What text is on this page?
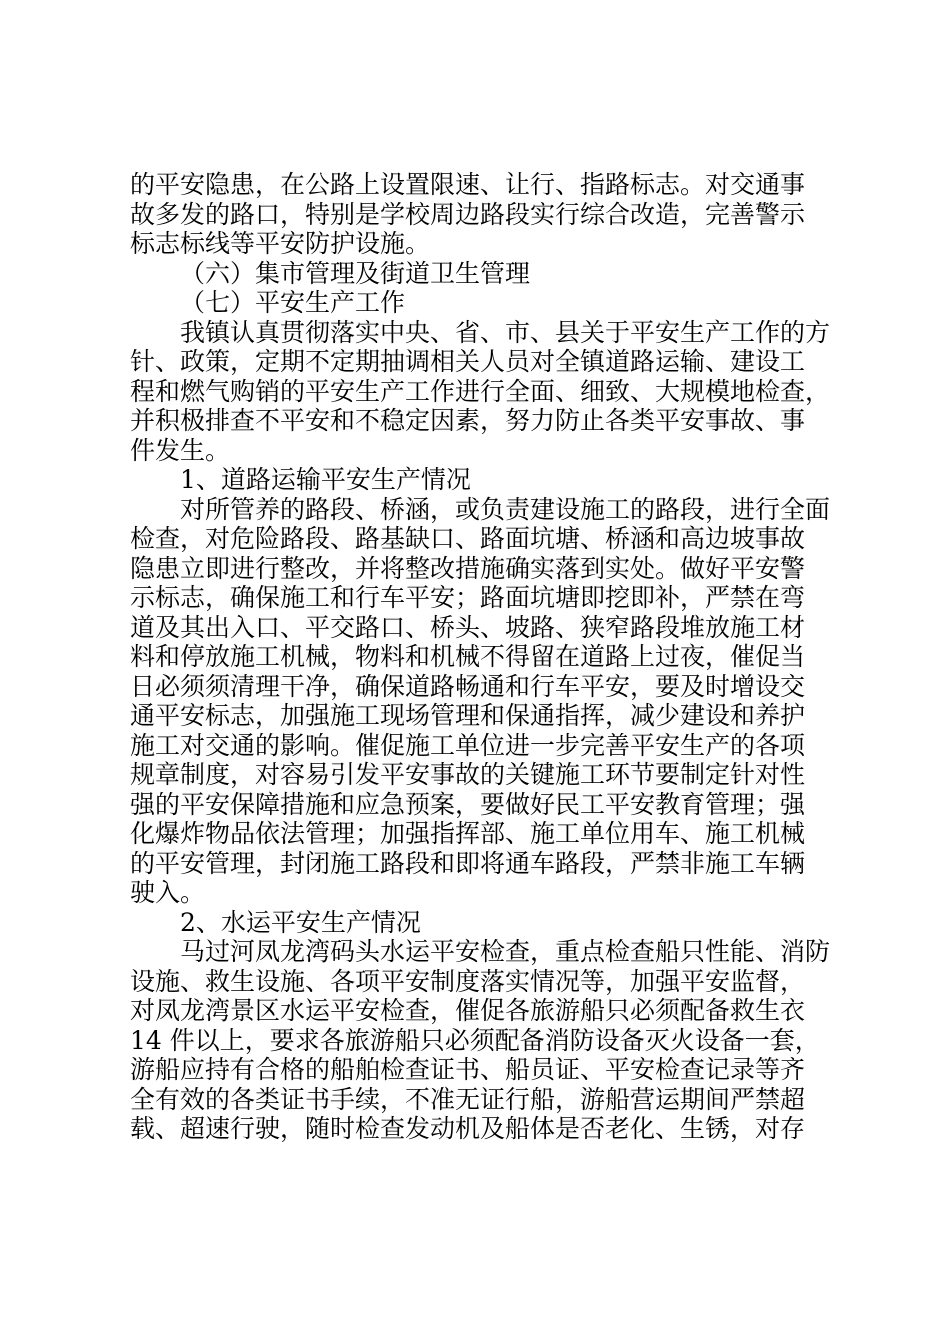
的平安隐患，在公路上设置限速、让行、指路标志。对交通事

故多发的路口，特别是学校周边路段实行综合改造，完善警示

标志标线等平安防护设施。

（六）集市管理及街道卫生管理

（七）平安生产工作

我镇认真贯彻落实中央、省、市、县关于平安生产工作的方

针、政策，定期不定期抽调相关人员对全镇道路运输、建设工

程和燃气购销的平安生产工作进行全面、细致、大规模地检查，

并积极排查不平安和不稳定因素，努力防止各类平安事故、事

件发生。

1、道路运输平安生产情况

对所管养的路段、桥涵，或负责建设施工的路段，进行全面

检查，对危险路段、路基缺口、路面坑塘、桥涵和高边坡事故

隐患立即进行整改，并将整改措施确实落到实处。做好平安警

示标志，确保施工和行车平安；路面坑塘即挖即补，严禁在弯

道及其出入口、平交路口、桥头、坡路、狭窄路段堆放施工材

料和停放施工机械，物料和机械不得留在道路上过夜，催促当

日必须须清理干净，确保道路畅通和行车平安，要及时增设交

通平安标志，加强施工现场管理和保通指挥，减少建设和养护

施工对交通的影响。催促施工单位进一步完善平安生产的各项

规章制度，对容易引发平安事故的关键施工环节要制定针对性

强的平安保障措施和应急预案，要做好民工平安教育管理；强

化爆炸物品依法管理；加强指挥部、施工单位用车、施工机械

的平安管理，封闭施工路段和即将通车路段，严禁非施工车辆

驶入。

2、水运平安生产情况

马过河凤龙湾码头水运平安检查，重点检查船只性能、消防

设施、救生设施、各项平安制度落实情况等，加强平安监督，

对凤龙湾景区水运平安检查，催促各旅游船只必须配备救生衣

14 件以上，要求各旅游船只必须配备消防设备灭火设备一套，

游船应持有合格的船舶检查证书、船员证、平安检查记录等齐

全有效的各类证书手续，不准无证行船，游船营运期间严禁超

载、超速行驶，随时检查发动机及船体是否老化、生锈，对存
